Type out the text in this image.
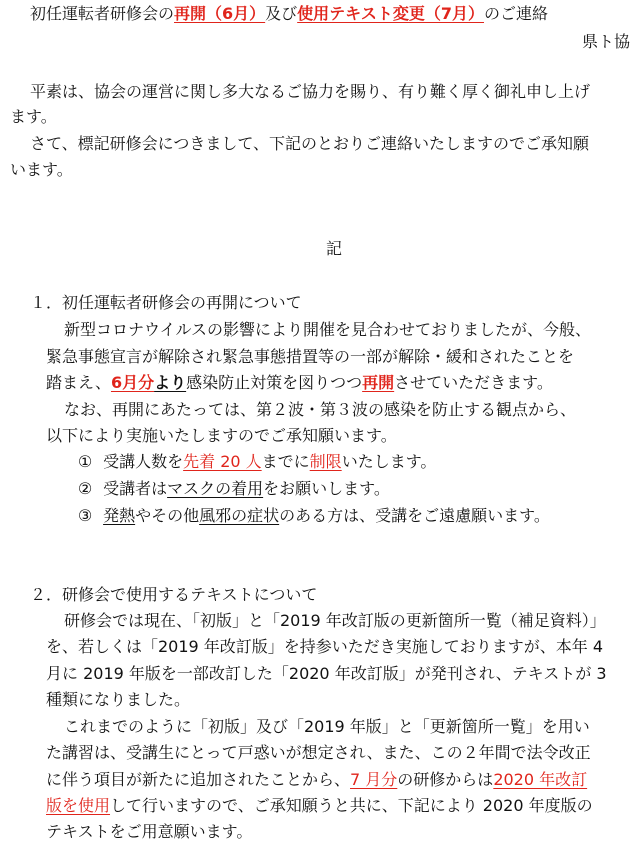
初任運転者研修会の再開（6月）及び使用テキスト変更（7月）のご連絡
県ト協
平素は、協会の運営に関し多大なるご協力を賜り、有り難く厚く御礼申し上げ
ます。
さて、標記研修会につきまして、下記のとおりご連絡いたしますのでご承知願
います。
記
１．初任運転者研修会の再開について
新型コロナウイルスの影響により開催を見合わせておりましたが、今般、
緊急事態宣言が解除され緊急事態措置等の一部が解除・緩和されたことを
踏まえ、6月分より感染防止対策を図りつつ再開させていただきます。
なお、再開にあたっては、第２波・第３波の感染を防止する観点から、
以下により実施いたしますのでご承知願います。
① 受講人数を先着 20 人までに制限いたします。
② 受講者はマスクの着用をお願いします。
③ 発熱やその他風邪の症状のある方は、受講をご遠慮願います。
２．研修会で使用するテキストについて
研修会では現在、「初版」と「2019 年改訂版の更新箇所一覧（補足資料）」
を、若しくは「2019 年改訂版」を持参いただき実施しておりますが、本年 4
月に 2019 年版を一部改訂した「2020 年改訂版」が発刊され、テキストが 3
種類になりました。
これまでのように「初版」及び「2019 年版」と「更新箇所一覧」を用い
た講習は、受講生にとって戸惑いが想定され、また、この２年間で法令改正
に伴う項目が新たに追加されたことから、7 月分の研修からは2020 年改訂
版を使用して行いますので、ご承知願うと共に、下記により 2020 年度版の
テキストをご用意願います。
